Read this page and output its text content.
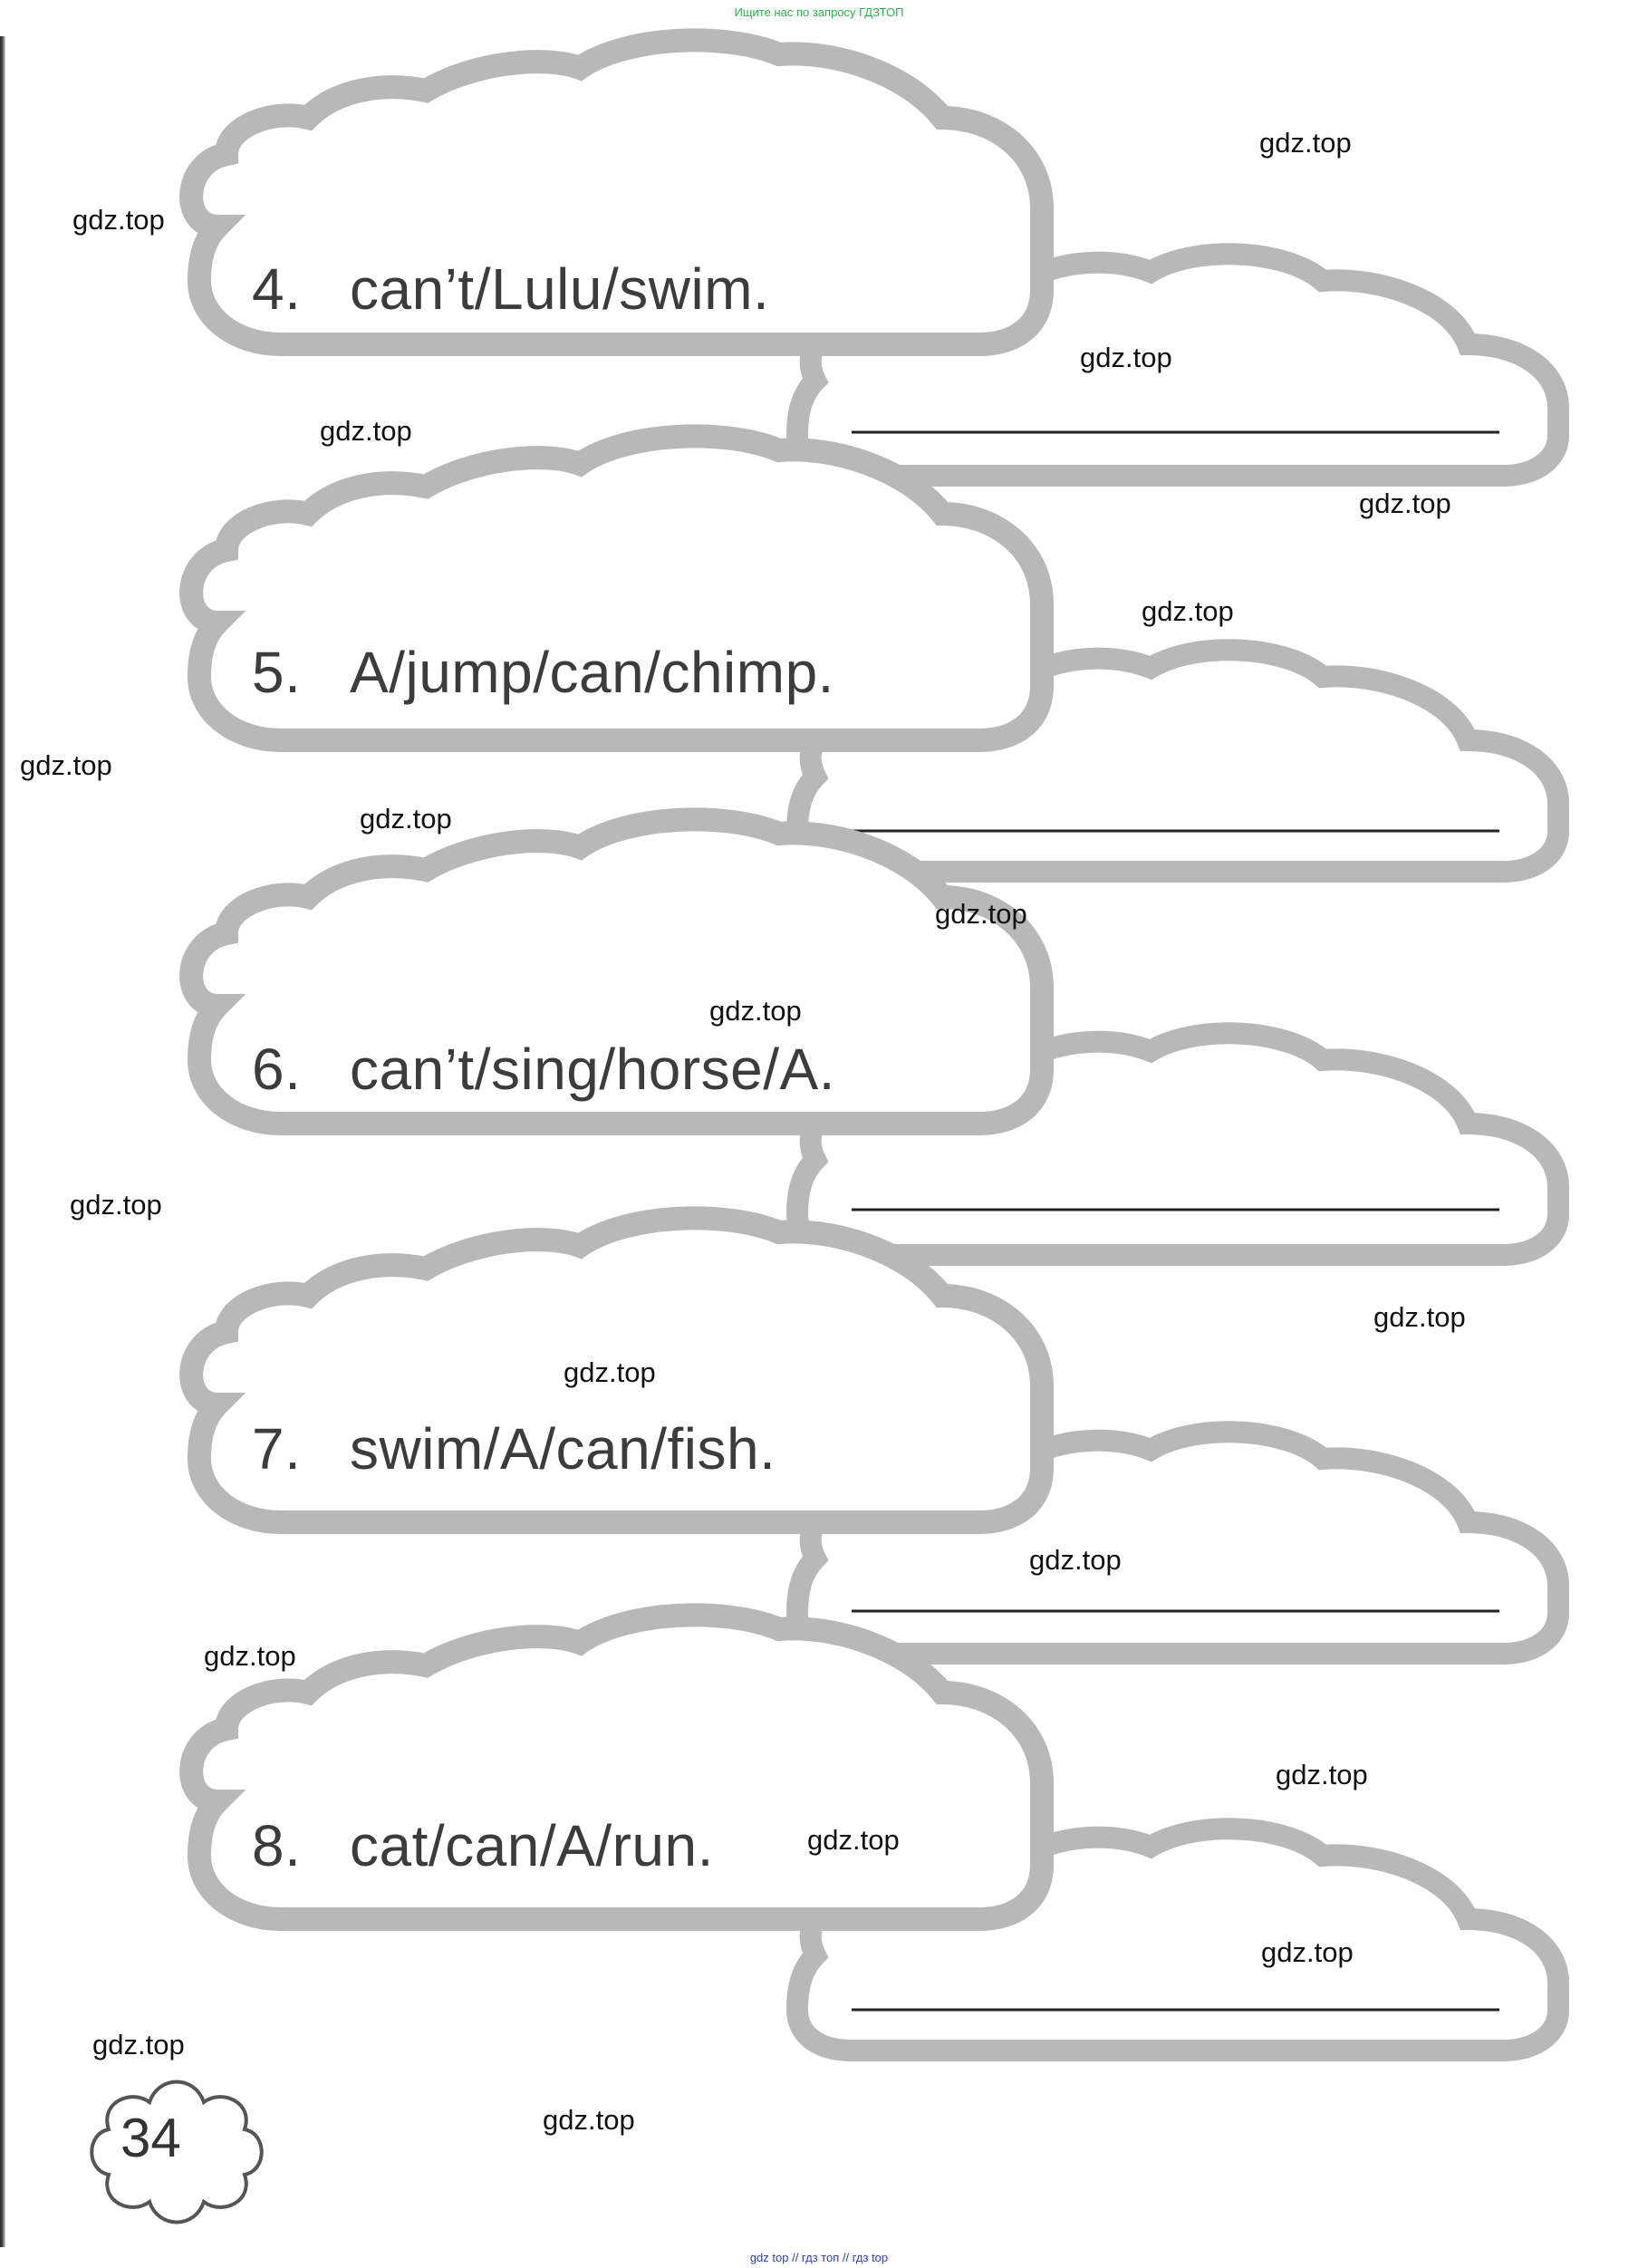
Ищите нас по запросу ГДЗТОП
4. can’t/Lulu/swim.
5. A/jump/can/chimp.
6. can’t/sing/horse/A.
7. swim/A/can/fish.
8. cat/can/A/run.
gdz.top
gdz.top
gdz.top
gdz.top
gdz.top
gdz.top
gdz.top
gdz.top
gdz.top
gdz.top
gdz.top
gdz.top
gdz.top
gdz.top
gdz.top
gdz.top
gdz.top
gdz.top
gdz.top
gdz.top
34
gdz top // гдз топ // гдз top
